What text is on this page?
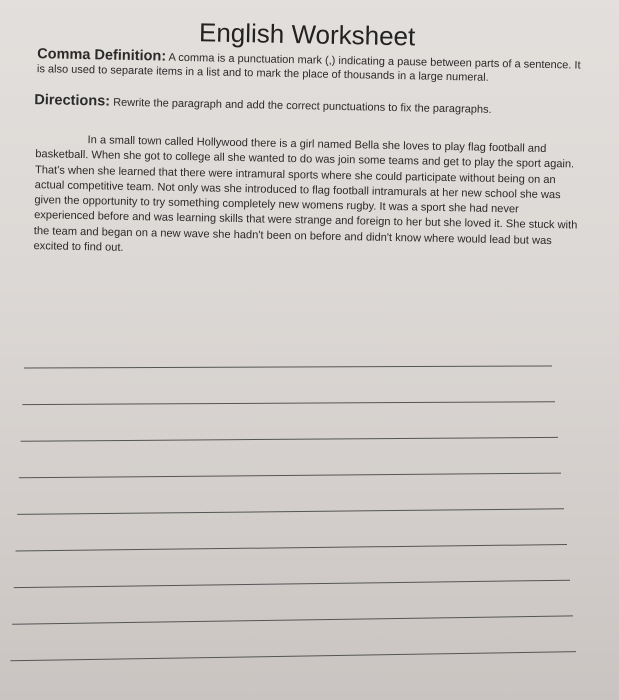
English Worksheet

Comma Definition: A comma is a punctuation mark (,) indicating a pause between parts of a sentence. It is also used to separate items in a list and to mark the place of thousands in a large numeral.

Directions: Rewrite the paragraph and add the correct punctuations to fix the paragraphs.

In a small town called Hollywood there is a girl named Bella she loves to play flag football and basketball. When she got to college all she wanted to do was join some teams and get to play the sport again. That's when she learned that there were intramural sports where she could participate without being on an actual competitive team. Not only was she introduced to flag football intramurals at her new school she was given the opportunity to try something completely new womens rugby. It was a sport she had never experienced before and was learning skills that were strange and foreign to her but she loved it. She stuck with the team and began on a new wave she hadn't been on before and didn't know where would lead but was excited to find out.
